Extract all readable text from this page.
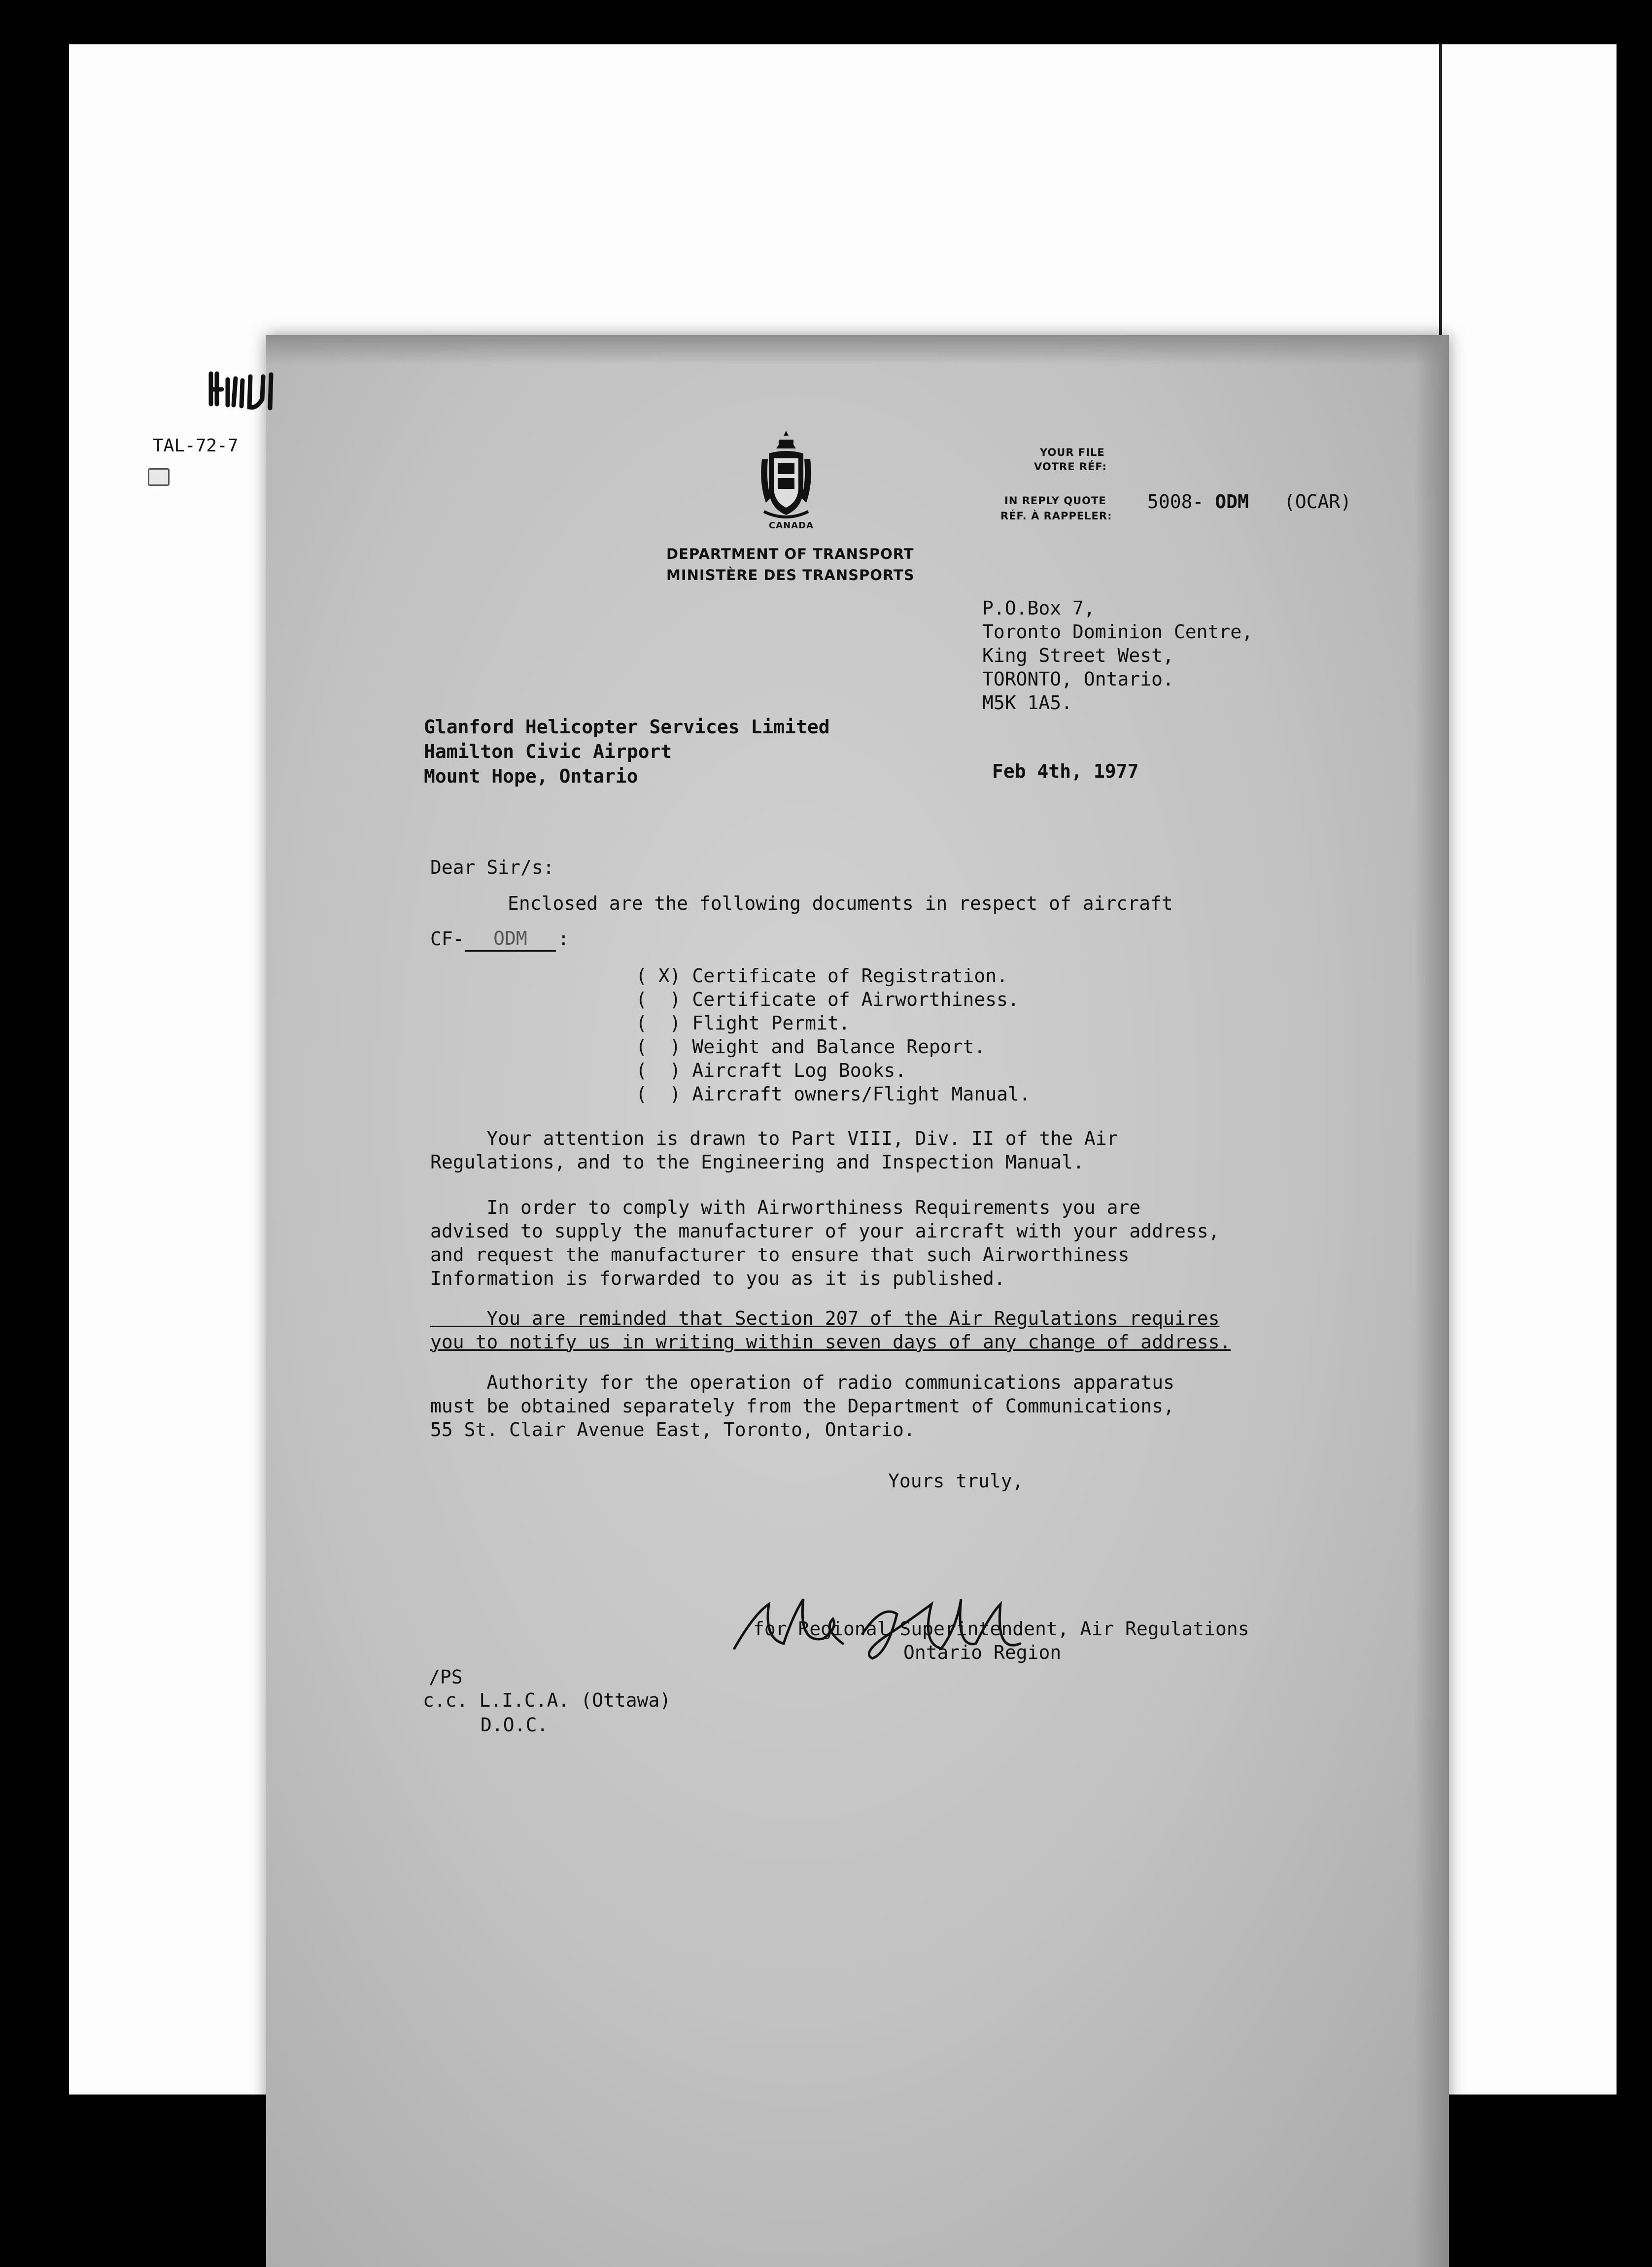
TAL-72-7
CANADA
DEPARTMENT OF TRANSPORT
MINISTÈRE DES TRANSPORTS
YOUR FILE
VOTRE RÉF:
IN REPLY QUOTE
RÉF. À RAPPELER:
5008- ODM (OCAR)
P.O.Box 7,
Toronto Dominion Centre,
King Street West,
TORONTO, Ontario.
M5K 1A5.
Glanford Helicopter Services Limited
Hamilton Civic Airport
Mount Hope, Ontario	Feb 4th, 1977
Dear Sir/s:
Enclosed are the following documents in respect of aircraft
CF-	ODM	:
( X) Certificate of Registration.
(  ) Certificate of Airworthiness.
(  ) Flight Permit.
(  ) Weight and Balance Report.
(  ) Aircraft Log Books.
(  ) Aircraft owners/Flight Manual.
Your attention is drawn to Part VIII, Div. II of the Air
Regulations, and to the Engineering and Inspection Manual.
In order to comply with Airworthiness Requirements you are
advised to supply the manufacturer of your aircraft with your address,
and request the manufacturer to ensure that such Airworthiness
Information is forwarded to you as it is published.
You are reminded that Section 207 of the Air Regulations requires
you to notify us in writing within seven days of any change of address.
Authority for the operation of radio communications apparatus
must be obtained separately from the Department of Communications,
55 St. Clair Avenue East, Toronto, Ontario.
Yours truly,
for Regional Superintendent, Air Regulations
Ontario Region
/PS
c.c. L.I.C.A. (Ottawa)
D.O.C.
